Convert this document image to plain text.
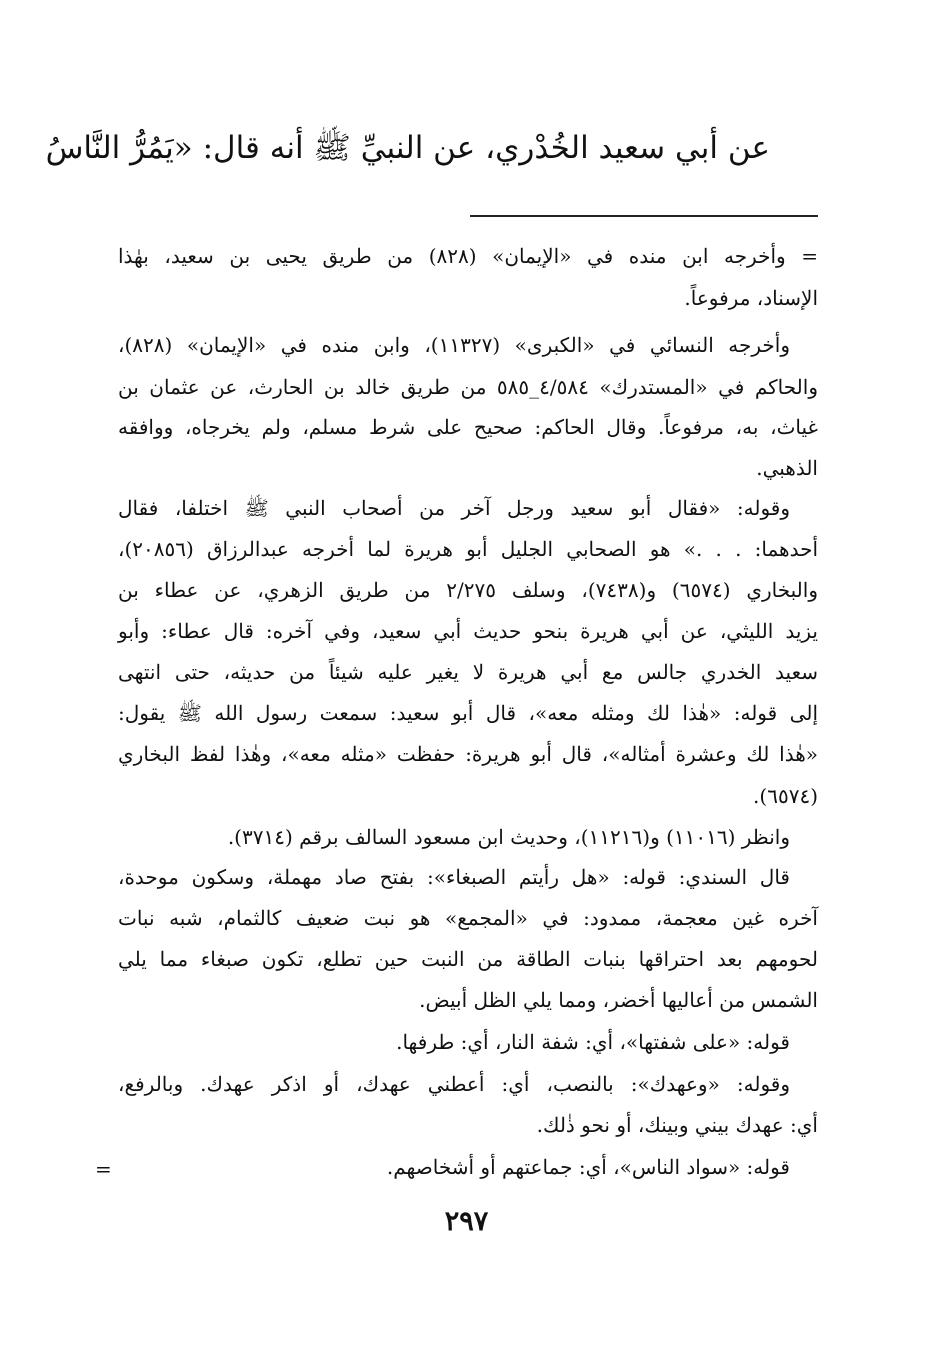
عن أبي سعيد الخُدْري، عن النبيِّ ﷺ أنه قال: «يَمُرُّ النَّاسُ
= وأخرجه ابن منده في «الإيمان» (٨٢٨) من طريق يحيى بن سعيد، بهٰذا
الإسناد، مرفوعاً.
وأخرجه النسائي في «الكبرى» (١١٣٢٧)، وابن منده في «الإيمان» (٨٢٨)،
والحاكم في «المستدرك» ٤/٥٨٤_٥٨٥ من طريق خالد بن الحارث، عن عثمان بن
غياث، به، مرفوعاً. وقال الحاكم: صحيح على شرط مسلم، ولم يخرجاه، ووافقه
الذهبي.
وقوله: «فقال أبو سعيد ورجل آخر من أصحاب النبي ﷺ اختلفا، فقال
أحدهما: . . .» هو الصحابي الجليل أبو هريرة لما أخرجه عبدالرزاق (٢٠٨٥٦)،
والبخاري (٦٥٧٤) و(٧٤٣٨)، وسلف ٢/٢٧٥ من طريق الزهري، عن عطاء بن
يزيد الليثي، عن أبي هريرة بنحو حديث أبي سعيد، وفي آخره: قال عطاء: وأبو
سعيد الخدري جالس مع أبي هريرة لا يغير عليه شيئاً من حديثه، حتى انتهى
إلى قوله: «هٰذا لك ومثله معه»، قال أبو سعيد: سمعت رسول الله ﷺ يقول:
«هٰذا لك وعشرة أمثاله»، قال أبو هريرة: حفظت «مثله معه»، وهٰذا لفظ البخاري
(٦٥٧٤).
وانظر (١١٠١٦) و(١١٢١٦)، وحديث ابن مسعود السالف برقم (٣٧١٤).
قال السندي: قوله: «هل رأيتم الصبغاء»: بفتح صاد مهملة، وسكون موحدة،
آخره غين معجمة، ممدود: في «المجمع» هو نبت ضعيف كالثمام، شبه نبات
لحومهم بعد احتراقها بنبات الطاقة من النبت حين تطلع، تكون صبغاء مما يلي
الشمس من أعاليها أخضر، ومما يلي الظل أبيض.
قوله: «على شفتها»، أي: شفة النار، أي: طرفها.
وقوله: «وعهدك»: بالنصب، أي: أعطني عهدك، أو اذكر عهدك. وبالرفع،
أي: عهدك بيني وبينك، أو نحو ذٰلك.
قوله: «سواد الناس»، أي: جماعتهم أو أشخاصهم.
=
٢٩٧
